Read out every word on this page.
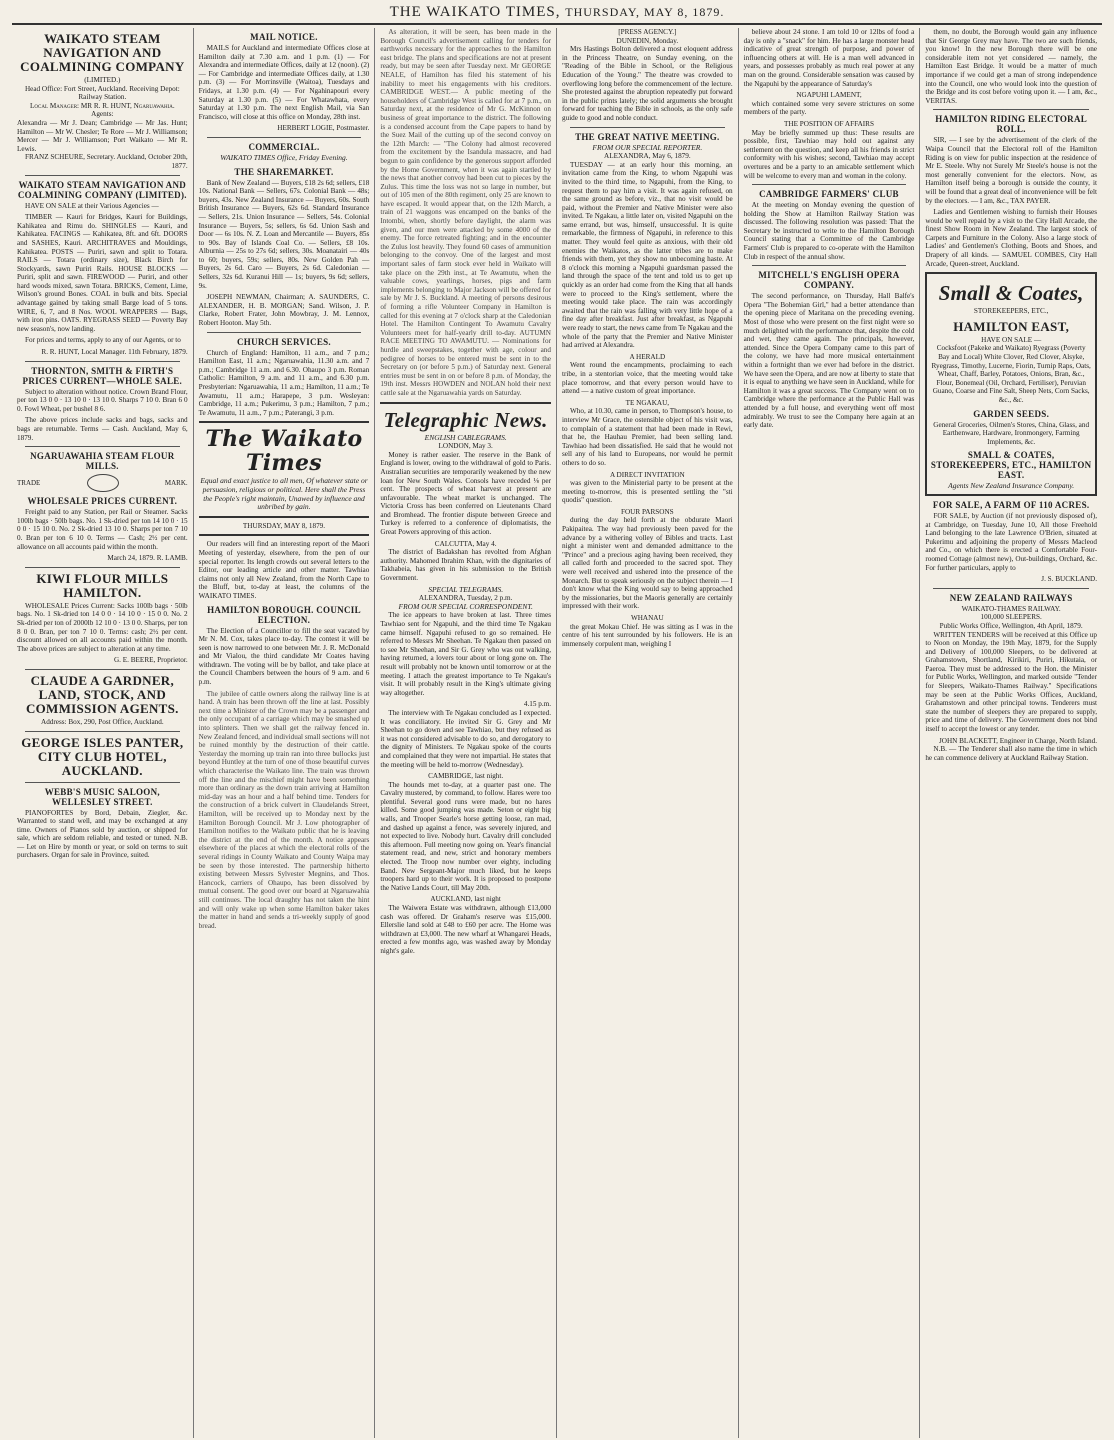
THE WAIKATO TIMES, THURSDAY, MAY 8, 1879.
WAIKATO STEAM NAVIGATION AND COALMINING COMPANY
(LIMITED.)
Head Office: Fort Street, Auckland. Receiving Depot: Railway Station.
Local Manager: MR R. R. HUNT, Ngaruawahia.
Agents:
Alexandra — Mr J. Dean; Cambridge — Mr Jas. Hunt; Hamilton — Mr W. Chesler; Te Rore — Mr J. Williamson; Mercer — Mr J. Williamson; Port Waikato — Mr R. Lewis.
FRANZ SCHEURE, Secretary. Auckland, October 20th, 1877.
WAIKATO STEAM NAVIGATION AND COALMINING COMPANY (LIMITED).

HAVE ON SALE at their Various Agencies —

TIMBER — Kauri for Bridges, Kauri for Buildings, Kahikatea and Rimu do. SHINGLES — Kauri, and Kahikatea. FACINGS — Kahikatea, 8ft. and 6ft. DOORS and SASHES, Kauri. ARCHITRAVES and Mouldings, Kahikatea. POSTS — Puriri, sawn and split to Totara. RAILS — Totara (ordinary size), Black Birch for Stockyards, sawn Puriri Rails. HOUSE BLOCKS — Puriri, split and sawn. FIREWOOD — Puriri, and other hard woods mixed, sawn Totara. BRICKS, Cement, Lime, Wilson's ground Bones. COAL in bulk and bits. Special advantage gained by taking small Barge load of 5 tons. WIRE, 6, 7, and 8 Nos. WOOL WRAPPERS — Bags, with iron pins. OATS. RYEGRASS SEED — Poverty Bay new season's, now landing.

For prices and terms, apply to any of our Agents, or to

R. R. HUNT, Local Manager. 11th February, 1879.
THORNTON, SMITH & FIRTH'S PRICES CURRENT—WHOLE SALE.

Subject to alteration without notice. Crown Brand Flour, per ton 13 0 0 · 13 10 0 · 13 10 0. Sharps 7 10 0. Bran 6 0 0. Fowl Wheat, per bushel 8 6.

The above prices include sacks and bags, sacks and bags are returnable. Terms — Cash. Auckland, May 6, 1879.

NGARUAWAHIA STEAM FLOUR MILLS.
TRADE	MARK.
WHOLESALE PRICES CURRENT.

Freight paid to any Station, per Rail or Steamer. Sacks 100lb bags · 50lb bags. No. 1 Sk-dried per ton 14 10 0 · 15 0 0 · 15 10 0. No. 2 Sk-dried 13 10 0. Sharps per ton 7 10 0. Bran per ton 6 10 0. Terms — Cash; 2½ per cent. allowance on all accounts paid within the month.

March 24, 1879. R. LAMB.
KIWI FLOUR MILLS HAMILTON.

WHOLESALE Prices Current: Sacks 100lb bags · 50lb bags. No. 1 Sk-dried ton 14 0 0 · 14 10 0 · 15 0 0. No. 2 Sk-dried per ton of 2000lb 12 10 0 · 13 0 0. Sharps, per ton 8 0 0. Bran, per ton 7 10 0. Terms: cash; 2½ per cent. discount allowed on all accounts paid within the month. The above prices are subject to alteration at any time.

G. E. BEERE, Proprietor.
CLAUDE A GARDNER, LAND, STOCK, AND COMMISSION AGENTS.
Address: Box, 290, Post Office, Auckland.
GEORGE ISLES PANTER, CITY CLUB HOTEL, AUCKLAND.
WEBB'S MUSIC SALOON, WELLESLEY STREET.

PIANOFORTES by Bord, Debain, Ziegler, &c. Warranted to stand well, and may be exchanged at any time. Owners of Pianos sold by auction, or shipped for sale, which are seldom reliable, and tested or tuned. N.B. — Let on Hire by month or year, or sold on terms to suit purchasers. Organ for sale in Province, suited.

MAIL NOTICE.

MAILS for Auckland and intermediate Offices close at Hamilton daily at 7.30 a.m. and 1 p.m. (1) — For Alexandra and intermediate Offices, daily at 12 (noon). (2) — For Cambridge and intermediate Offices daily, at 1.30 p.m. (3) — For Morrinsville (Waitoa), Tuesdays and Fridays, at 1.30 p.m. (4) — For Ngahinapouri every Saturday at 1.30 p.m. (5) — For Whatawhata, every Saturday at 1.30 p.m. The next English Mail, via San Francisco, will close at this office on Monday, 28th inst.

HERBERT LOGIE, Postmaster.
COMMERCIAL.
WAIKATO TIMES Office, Friday Evening.
THE SHAREMARKET.

Bank of New Zealand — Buyers, £18 2s 6d; sellers, £18 10s. National Bank — Sellers, 67s. Colonial Bank — 48s; buyers, 43s. New Zealand Insurance — Buyers, 60s. South British Insurance — Buyers, 62s 6d. Standard Insurance — Sellers, 21s. Union Insurance — Sellers, 54s. Colonial Insurance — Buyers, 5s; sellers, 6s 6d. Union Sash and Door — 6s 10s. N. Z. Loan and Mercantile — Buyers, 85s to 90s. Bay of Islands Coal Co. — Sellers, £8 10s. Alburnia — 25s to 27s 6d; sellers, 30s. Moanatairi — 40s to 60; buyers, 59s; sellers, 80s. New Golden Pah — Buyers, 2s 6d. Caro — Buyers, 2s 6d. Caledonian — Sellers, 32s 6d. Kuranui Hill — 1s; buyers, 9s 6d; sellers, 9s.

JOSEPH NEWMAN, Chairman; A. SAUNDERS, C. ALEXANDER, H. B. MORGAN; Sand. Wilson, J. P. Clarke, Robert Frater, John Mowbray, J. M. Lennox, Robert Hooton. May 5th.

CHURCH SERVICES.

Church of England: Hamilton, 11 a.m., and 7 p.m.; Hamilton East, 11 a.m.; Ngaruawahia, 11.30 a.m. and 7 p.m.; Cambridge 11 a.m. and 6.30. Ohaupo 3 p.m. Roman Catholic: Hamilton, 9 a.m. and 11 a.m., and 6.30 p.m. Presbyterian: Ngaruawahia, 11 a.m.; Hamilton, 11 a.m.; Te Awamutu, 11 a.m.; Harapepe, 3 p.m. Wesleyan: Cambridge, 11 a.m.; Pukerimu, 3 p.m.; Hamilton, 7 p.m.; Te Awamutu, 11 a.m., 7 p.m.; Paterangi, 3 p.m.

The Waikato Times
Equal and exact justice to all men, Of whatever state or persuasion, religious or political. Here shall the Press the People's right maintain, Unawed by influence and unbribed by gain.
THURSDAY, MAY 8, 1879.

Our readers will find an interesting report of the Maori Meeting of yesterday, elsewhere, from the pen of our special reporter. Its length crowds out several letters to the Editor, our leading article and other matter. Tawhiao claims not only all New Zealand, from the North Cape to the Bluff, but, to-day at least, the columns of the WAIKATO TIMES.

HAMILTON BOROUGH. COUNCIL ELECTION.

The Election of a Councillor to fill the seat vacated by Mr N. M. Cox, takes place to-day. The contest it will be seen is now narrowed to one between Mr. J. R. McDonald and Mr Vialou, the third candidate Mr Coates having withdrawn. The voting will be by ballot, and take place at the Council Chambers between the hours of 9 a.m. and 6 p.m.

The jubilee of cattle owners along the railway line is at hand. A train has been thrown off the line at last. Possibly next time a Minister of the Crown may be a passenger and the only occupant of a carriage which may be smashed up into splinters. Then we shall get the railway fenced in. New Zealand fenced, and individual small sections will not be ruined monthly by the destruction of their cattle. Yesterday the morning up train ran into three bullocks just beyond Huntley at the turn of one of those beautiful curves which characterise the Waikato line. The train was thrown off the line and the mischief might have been something more than ordinary as the down train arriving at Hamilton mid-day was an hour and a half behind time. Tenders for the construction of a brick culvert in Claudelands Street, Hamilton, will be received up to Monday next by the Hamilton Borough Council. Mr J. Low photographer of Hamilton notifies to the Waikato public that he is leaving the district at the end of the month. A notice appears elsewhere of the places at which the electoral rolls of the several ridings in County Waikato and County Waipa may be seen by those interested. The partnership hitherto existing between Messrs Sylvester Megnins, and Thos. Hancock, carriers of Ohaupo, has been dissolved by mutual consent. The good over our board at Ngaruawahia still continues. The local draughty has not taken the hint and will only wake up when some Hamilton baker takes the matter in hand and sends a tri-weekly supply of good bread.

As alteration, it will be seen, has been made in the Borough Council's advertisement calling for tenders for earthworks necessary for the approaches to the Hamilton east bridge. The plans and specifications are not at present ready, but may be seen after Tuesday next. Mr GEORGE NEALE, of Hamilton has filed his statement of his inability to meet his engagements with his creditors. CAMBRIDGE WEST.— A public meeting of the householders of Cambridge West is called for at 7 p.m., on Saturday next, at the residence of Mr G. McKinnon on business of great importance to the district. The following is a condensed account from the Cape papers to hand by the Suez Mail of the cutting up of the second convoy on the 12th March: — "The Colony had almost recovered from the excitement by the Isandula massacre, and had begun to gain confidence by the generous support afforded by the Home Government, when it was again startled by the news that another convoy had been cut to pieces by the Zulus. This time the loss was not so large in number, but out of 105 men of the 80th regiment, only 25 are known to have escaped. It would appear that, on the 12th March, a train of 21 waggons was encamped on the banks of the Intombi, when, shortly before daylight, the alarm was given, and our men were attacked by some 4000 of the enemy. The force retreated fighting; and in the encounter the Zulus lost heavily. They found 60 cases of ammunition belonging to the convoy. One of the largest and most important sales of farm stock ever held in Waikato will take place on the 29th inst., at Te Awamutu, when the valuable cows, yearlings, horses, pigs and farm implements belonging to Major Jackson will be offered for sale by Mr J. S. Buckland. A meeting of persons desirous of forming a rifle Volunteer Company in Hamilton is called for this evening at 7 o'clock sharp at the Caledonian Hotel. The Hamilton Contingent To Awamutu Cavalry Volunteers meet for half-yearly drill to-day. AUTUMN RACE MEETING TO AWAMUTU. — Nominations for hurdle and sweepstakes, together with age, colour and pedigree of horses to be entered must be sent in to the Secretary on (or before 5 p.m.) of Saturday next. General entries must be sent in on or before 8 p.m. of Monday, the 19th inst. Messrs HOWDEN and NOLAN hold their next cattle sale at the Ngaruawahia yards on Saturday.

Telegraphic News.
ENGLISH CABLEGRAMS.
LONDON, May 3.

Money is rather easier. The reserve in the Bank of England is lower, owing to the withdrawal of gold to Paris. Australian securities are temporarily weakened by the new loan for New South Wales. Consols have receded ⅛ per cent. The prospects of wheat harvest at present are unfavourable. The wheat market is unchanged. The Victoria Cross has been conferred on Lieutenants Chard and Bromhead. The frontier dispute between Greece and Turkey is referred to a conference of diplomatists, the Great Powers approving of this action.

CALCUTTA, May 4.

The district of Badakshan has revolted from Afghan authority. Mahomed Ibrahim Khan, with the dignitaries of Takhabeia, has given in his submission to the British Government.

SPECIAL TELEGRAMS.
ALEXANDRA, Tuesday, 2 p.m.
FROM OUR SPECIAL CORRESPONDENT.

The ice appears to have broken at last. Three times Tawhiao sent for Ngapuhi, and the third time Te Ngakau came himself. Ngapuhi refused to go so remained. He referred to Messrs Mr Sheehan. Te Ngakau then passed on to see Mr Sheehan, and Sir G. Grey who was out walking, having returned, a lovers tour about or long gone on. The result will probably not be known until tomorrow or at the meeting. I attach the greatest importance to Te Ngakau's visit. It will probably result in the King's ultimate giving way altogether.

4.15 p.m.

The interview with Te Ngakau concluded as I expected. It was conciliatory. He invited Sir G. Grey and Mr Sheehan to go down and see Tawhiao, but they refused as it was not considered advisable to do so, and derogatory to the dignity of Ministers. Te Ngakau spoke of the courts and complained that they were not impartial. He states that the meeting will be held to-morrow (Wednesday).

CAMBRIDGE, last night.

The hounds met to-day, at a quarter past one. The Cavalry mustered, by command, to follow. Hares were too plentiful. Several good runs were made, but no hares killed. Some good jumping was made. Seton or eight big walls, and Trooper Searle's horse getting loose, ran mad, and dashed up against a fence, was severely injured, and not expected to live. Nobody hurt. Cavalry drill concluded this afternoon. Full meeting now going on. Year's financial statement read, and new, strict and honorary members elected. The Troop now number over eighty, including Band. New Sergeant-Major much liked, but he keeps troopers hard up to their work. It is proposed to postpone the Native Lands Court, till May 20th.

AUCKLAND, last night

The Waiwera Estate was withdrawn, although £13,000 cash was offered. Dr Graham's reserve was £15,000. Ellerslie land sold at £48 to £60 per acre. The Home was withdrawn at £3,000. The new wharf at Whangarei Heads, erected a few months ago, was washed away by Monday night's gale.

[PRESS AGENCY.]
DUNEDIN, Monday.

Mrs Hastings Bolton delivered a most eloquent address in the Princess Theatre, on Sunday evening, on the "Reading of the Bible in School, or the Religious Education of the Young." The theatre was crowded to overflowing long before the commencement of the lecture. She protested against the abruption repeatedly put forward in the public prints lately; the solid arguments she brought forward for teaching the Bible in schools, as the only safe guide to good and noble conduct.

THE GREAT NATIVE MEETING.
FROM OUR SPECIAL REPORTER.
ALEXANDRA, May 6, 1879.

TUESDAY — at an early hour this morning, an invitation came from the King, to whom Ngapuhi was invited to the third time, to Ngapuhi, from the King, to request them to pay him a visit. It was again refused, on the same ground as before, viz., that no visit would be paid, without the Premier and Native Minister were also invited. Te Ngakau, a little later on, visited Ngapuhi on the same errand, but was, himself, unsuccessful. It is quite remarkable, the firmness of Ngapuhi, in reference to this matter. They would feel quite as anxious, with their old enemies the Waikatos, as the latter tribes are to make friends with them, yet they show no unbecoming haste. At 8 o'clock this morning a Ngapuhi guardsman passed the land through the space of the tent and told us to get up quickly as an order had come from the King that all hands were to proceed to the King's settlement, where the meeting would take place. The rain was accordingly awaited that the rain was falling with very little hope of a fine day after breakfast. Just after breakfast, as Ngapuhi were ready to start, the news came from Te Ngakau and the whole of the party that the Premier and Native Minister had arrived at Alexandra.

A HERALD

Went round the encampments, proclaiming to each tribe, in a stentorian voice, that the meeting would take place tomorrow, and that every person would have to attend — a native custom of great importance.

TE NGAKAU,

Who, at 10.30, came in person, to Thompson's house, to interview Mr Grace, the ostensible object of his visit was, to complain of a statement that had been made in Rewi, that he, the Hauhau Premier, had been selling land. Tawhiao had been dissatisfied. He said that he would not sell any of his land to Europeans, nor would he permit others to do so.

A DIRECT INVITATION

was given to the Ministerial party to be present at the meeting to-morrow, this is presented settling the "sti quodis" question.

FOUR PARSONS

during the day held forth at the obdurate Maori Pakipaitea. The way had previously been paved for the advance by a withering volley of Bibles and tracts. Last night a minister went and demanded admittance to the "Prince" and a precious aging having been received, they all called forth and proceeded to the sacred spot. They were well received and ushered into the presence of the Monarch. But to speak seriously on the subject therein — I don't know what the King would say to being approached by the missionaries, but the Maoris generally are certainly impressed with their work.

WHANAU

the great Mokau Chief. He was sitting as I was in the centre of his tent surrounded by his followers. He is an immensely corpulent man, weighing I

believe about 24 stone. I am told 10 or 12lbs of food a day is only a "snack" for him. He has a large monster head indicative of great strength of purpose, and power of influencing others at will. He is a man well advanced in years, and possesses probably as much real power at any man on the ground. Considerable sensation was caused by the Ngapuhi by the appearance of Saturday's

NGAPUHI LAMENT,

which contained some very severe strictures on some members of the party.

THE POSITION OF AFFAIRS

May be briefly summed up thus: These results are possible, first, Tawhiao may hold out against any settlement on the question, and keep all his friends in strict conformity with his wishes; second, Tawhiao may accept overtures and be a party to an amicable settlement which will be welcome to every man and woman in the colony.

CAMBRIDGE FARMERS' CLUB

At the meeting on Monday evening the question of holding the Show at Hamilton Railway Station was discussed. The following resolution was passed: That the Secretary be instructed to write to the Hamilton Borough Council stating that a Committee of the Cambridge Farmers' Club is prepared to co-operate with the Hamilton Club in respect of the annual show.

MITCHELL'S ENGLISH OPERA COMPANY.

The second performance, on Thursday, Hall Balfe's Opera "The Bohemian Girl," had a better attendance than the opening piece of Maritana on the preceding evening. Most of those who were present on the first night were so much delighted with the performance that, despite the cold and wet, they came again. The principals, however, attended. Since the Opera Company came to this part of the colony, we have had more musical entertainment within a fortnight than we ever had before in the district. We have seen the Opera, and are now at liberty to state that it is equal to anything we have seen in Auckland, while for Hamilton it was a great success. The Company went on to Cambridge where the performance at the Public Hall was attended by a full house, and everything went off most admirably. We trust to see the Company here again at an early date.

them, no doubt, the Borough would gain any influence that Sir George Grey may have. The two are such friends, you know! In the new Borough there will be one considerable item not yet considered — namely, the Hamilton East Bridge. It would be a matter of much importance if we could get a man of strong independence into the Council, one who would look into the question of the Bridge and its cost before voting upon it. — I am, &c., VERITAS.

HAMILTON RIDING ELECTORAL ROLL.

SIR, — I see by the advertisement of the clerk of the Waipa Council that the Electoral roll of the Hamilton Riding is on view for public inspection at the residence of Mr E. Steele. Why not Surely Mr Steele's house is not the most generally convenient for the electors. Now, as Hamilton itself being a borough is outside the county, it will be found that a great deal of inconvenience will be felt by the electors. — I am, &c., TAX PAYER.

Ladies and Gentlemen wishing to furnish their Houses would be well repaid by a visit to the City Hall Arcade, the finest Show Room in New Zealand. The largest stock of Carpets and Furniture in the Colony. Also a large stock of Ladies' and Gentlemen's Clothing, Boots and Shoes, and Drapery of all kinds. — SAMUEL COMBES, City Hall Arcade, Queen-street, Auckland.

Small & Coates,
STOREKEEPERS, ETC.,
HAMILTON EAST,
HAVE ON SALE —
Cocksfoot (Pakeke and Waikato) Ryegrass (Poverty Bay and Local) White Clover, Red Clover, Alsyke, Ryegrass, Timothy, Lucerne, Fiorin, Turnip Raps, Oats, Wheat, Chaff, Barley, Potatoes, Onions, Bran, &c., Flour, Bonemeal (Oil, Orchard, Fertiliser), Peruvian Guano, Coarse and Fine Salt, Sheep Nets, Corn Sacks, &c., &c.
GARDEN SEEDS.
General Groceries, Oilmen's Stores, China, Glass, and Earthenware, Hardware, Ironmongery, Farming Implements, &c.
SMALL & COATES, STOREKEEPERS, ETC., HAMILTON EAST.
Agents New Zealand Insurance Company.
FOR SALE, A FARM OF 110 ACRES.

FOR SALE, by Auction (if not previously disposed of), at Cambridge, on Tuesday, June 10, All those Freehold Land belonging to the late Lawrence O'Brien, situated at Pukerimu and adjoining the property of Messrs Macleod and Co., on which there is erected a Comfortable Four-roomed Cottage (almost new), Out-buildings, Orchard, &c. For further particulars, apply to

J. S. BUCKLAND.
NEW ZEALAND RAILWAYS
WAIKATO-THAMES RAILWAY.
100,000 SLEEPERS.
Public Works Office, Wellington, 4th April, 1879.

WRITTEN TENDERS will be received at this Office up to Noon on Monday, the 19th May, 1879, for the Supply and Delivery of 100,000 Sleepers, to be delivered at Grahamstown, Shortland, Kirikiri, Puriri, Hikutaia, or Paeroa. They must be addressed to the Hon. the Minister for Public Works, Wellington, and marked outside "Tender for Sleepers, Waikato-Thames Railway." Specifications may be seen at the Public Works Offices, Auckland, Grahamstown and other principal towns. Tenderers must state the number of sleepers they are prepared to supply, price and time of delivery. The Government does not bind itself to accept the lowest or any tender.

JOHN BLACKETT, Engineer in Charge, North Island.

N.B. — The Tenderer shall also name the time in which he can commence delivery at Auckland Railway Station.
